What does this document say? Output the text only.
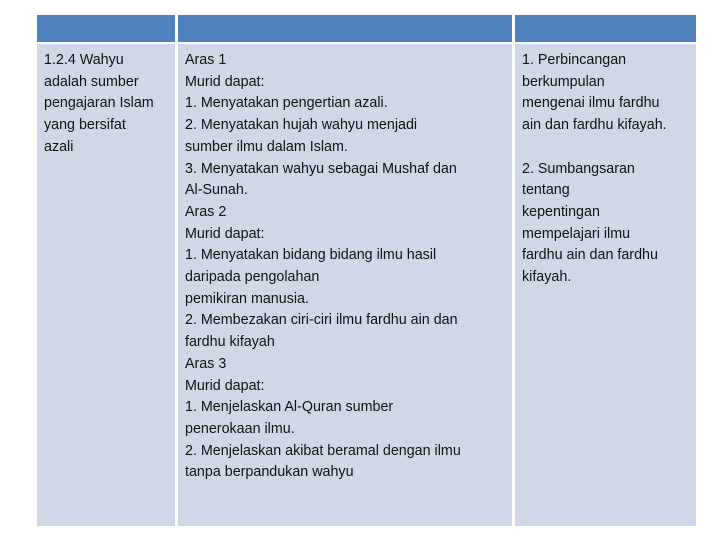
1.2.4 Wahyu
adalah sumber
pengajaran Islam
yang bersifat
azali
Aras 1
Murid dapat:
1. Menyatakan pengertian azali.
2. Menyatakan hujah wahyu menjadi
sumber ilmu dalam Islam.
3. Menyatakan wahyu sebagai Mushaf dan
Al-Sunah.
Aras 2
Murid dapat:
1. Menyatakan bidang bidang ilmu hasil
daripada pengolahan
pemikiran manusia.
2. Membezakan ciri-ciri ilmu fardhu ain dan
fardhu kifayah
Aras 3
Murid dapat:
1. Menjelaskan Al-Quran sumber
penerokaan ilmu.
2. Menjelaskan akibat beramal dengan ilmu
tanpa berpandukan wahyu
1. Perbincangan
berkumpulan
mengenai ilmu fardhu
ain dan fardhu kifayah.
2. Sumbangsaran
tentang
kepentingan
mempelajari ilmu
fardhu ain dan fardhu
kifayah.
